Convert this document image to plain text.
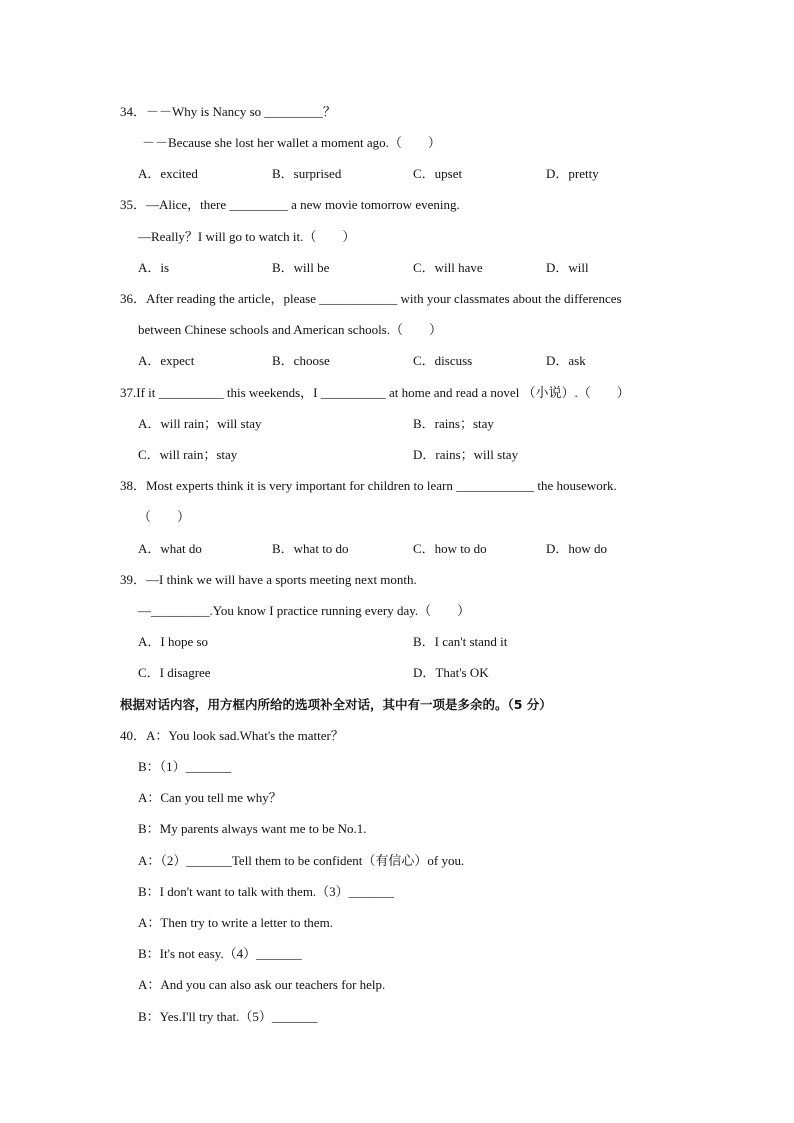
34．－－Why is Nancy so _________？
－－Because she lost her wallet a moment ago.（　　）
A．excited	B．surprised	C．upset	D．pretty
35．—Alice，there _________ a new movie tomorrow evening.
—Really？I will go to watch it.（　　）
A．is	B．will be	C．will have	D．will
36．After reading the article，please ____________ with your classmates about the differences
between Chinese schools and American schools.（　　）
A．expect	B．choose	C．discuss	D．ask
37.If it __________ this weekends，I __________ at home and read a novel （小说）.（　　）
A．will rain；will stay	B．rains；stay
C．will rain；stay	D．rains；will stay
38．Most experts think it is very important for children to learn ____________ the housework.
（　　）
A．what do	B．what to do	C．how to do	D．how do
39．—I think we will have a sports meeting next month.
—_________.You know I practice running every day.（　　）
A．I hope so	B．I can't stand it
C．I disagree	D．That's OK
根据对话内容，用方框内所给的选项补全对话，其中有一项是多余的。（5 分）
40．A：You look sad.What's the matter？
B：（1）_______
A：Can you tell me why？
B：My parents always want me to be No.1.
A：（2）_______Tell them to be confident（有信心）of you.
B：I don't want to talk with them.（3）_______
A：Then try to write a letter to them.
B：It's not easy.（4）_______
A：And you can also ask our teachers for help.
B：Yes.I'll try that.（5）_______
